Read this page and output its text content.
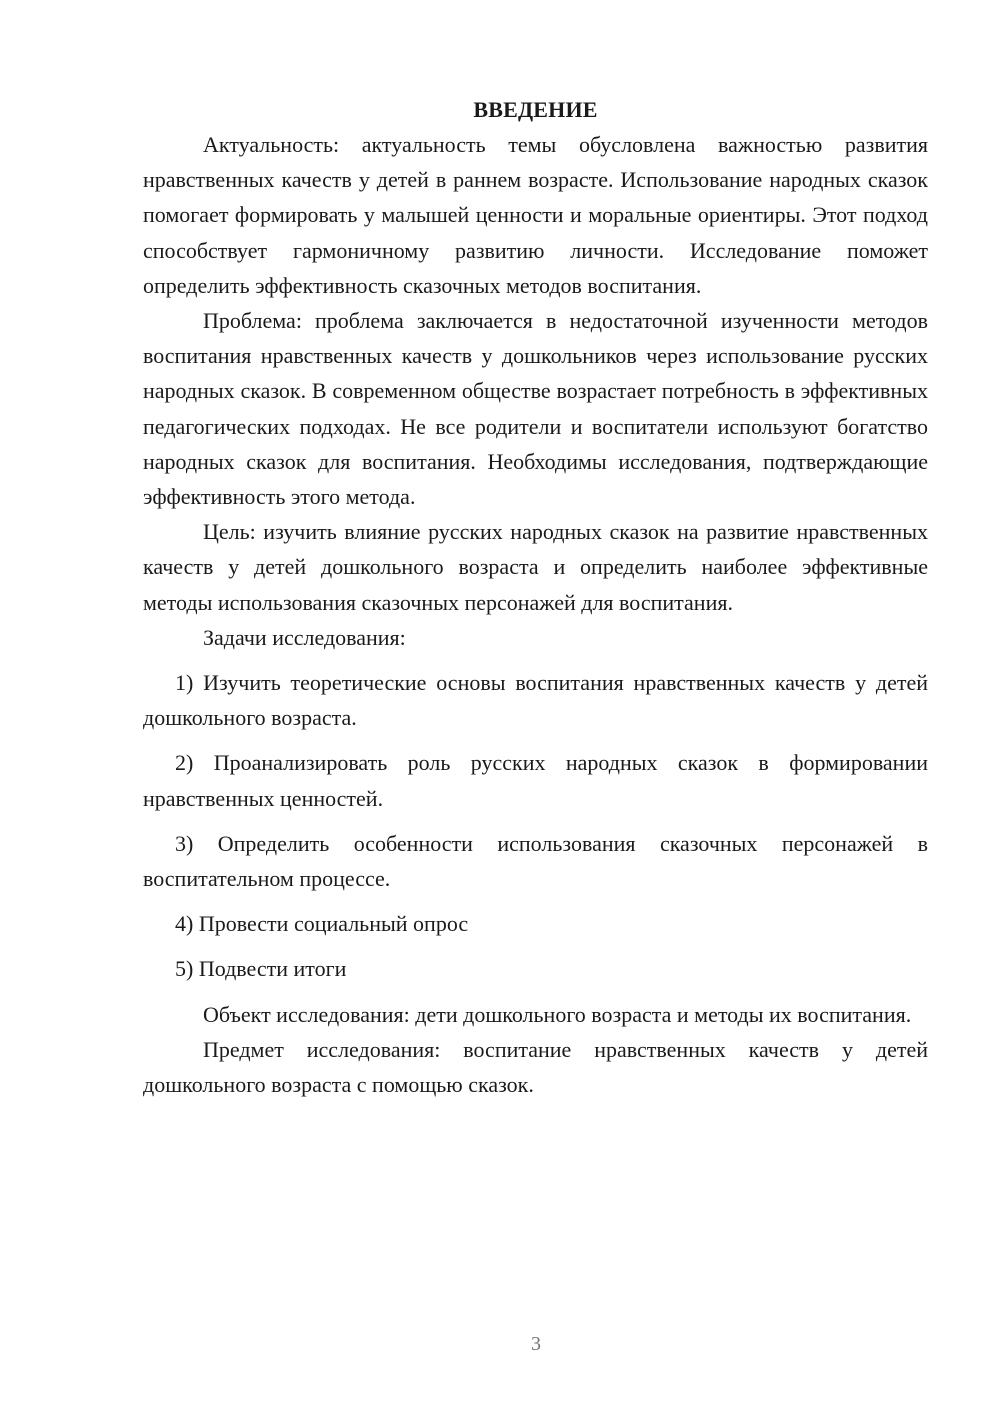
ВВЕДЕНИЕ

Актуальность: актуальность темы обусловлена важностью развития нравственных качеств у детей в раннем возрасте. Использование народных сказок помогает формировать у малышей ценности и моральные ориентиры. Этот подход способствует гармоничному развитию личности. Исследование поможет определить эффективность сказочных методов воспитания.

Проблема: проблема заключается в недостаточной изученности методов воспитания нравственных качеств у дошкольников через использование русских народных сказок. В современном обществе возрастает потребность в эффективных педагогических подходах. Не все родители и воспитатели используют богатство народных сказок для воспитания. Необходимы исследования, подтверждающие эффективность этого метода.

Цель: изучить влияние русских народных сказок на развитие нравственных качеств у детей дошкольного возраста и определить наиболее эффективные методы использования сказочных персонажей для воспитания.

Задачи исследования:

1) Изучить теоретические основы воспитания нравственных качеств у детей дошкольного возраста.

2) Проанализировать роль русских народных сказок в формировании нравственных ценностей.

3) Определить особенности использования сказочных персонажей в воспитательном процессе.

4) Провести социальный опрос

5) Подвести итоги

Объект исследования: дети дошкольного возраста и методы их воспитания.

Предмет исследования: воспитание нравственных качеств у детей дошкольного возраста с помощью сказок.

3
